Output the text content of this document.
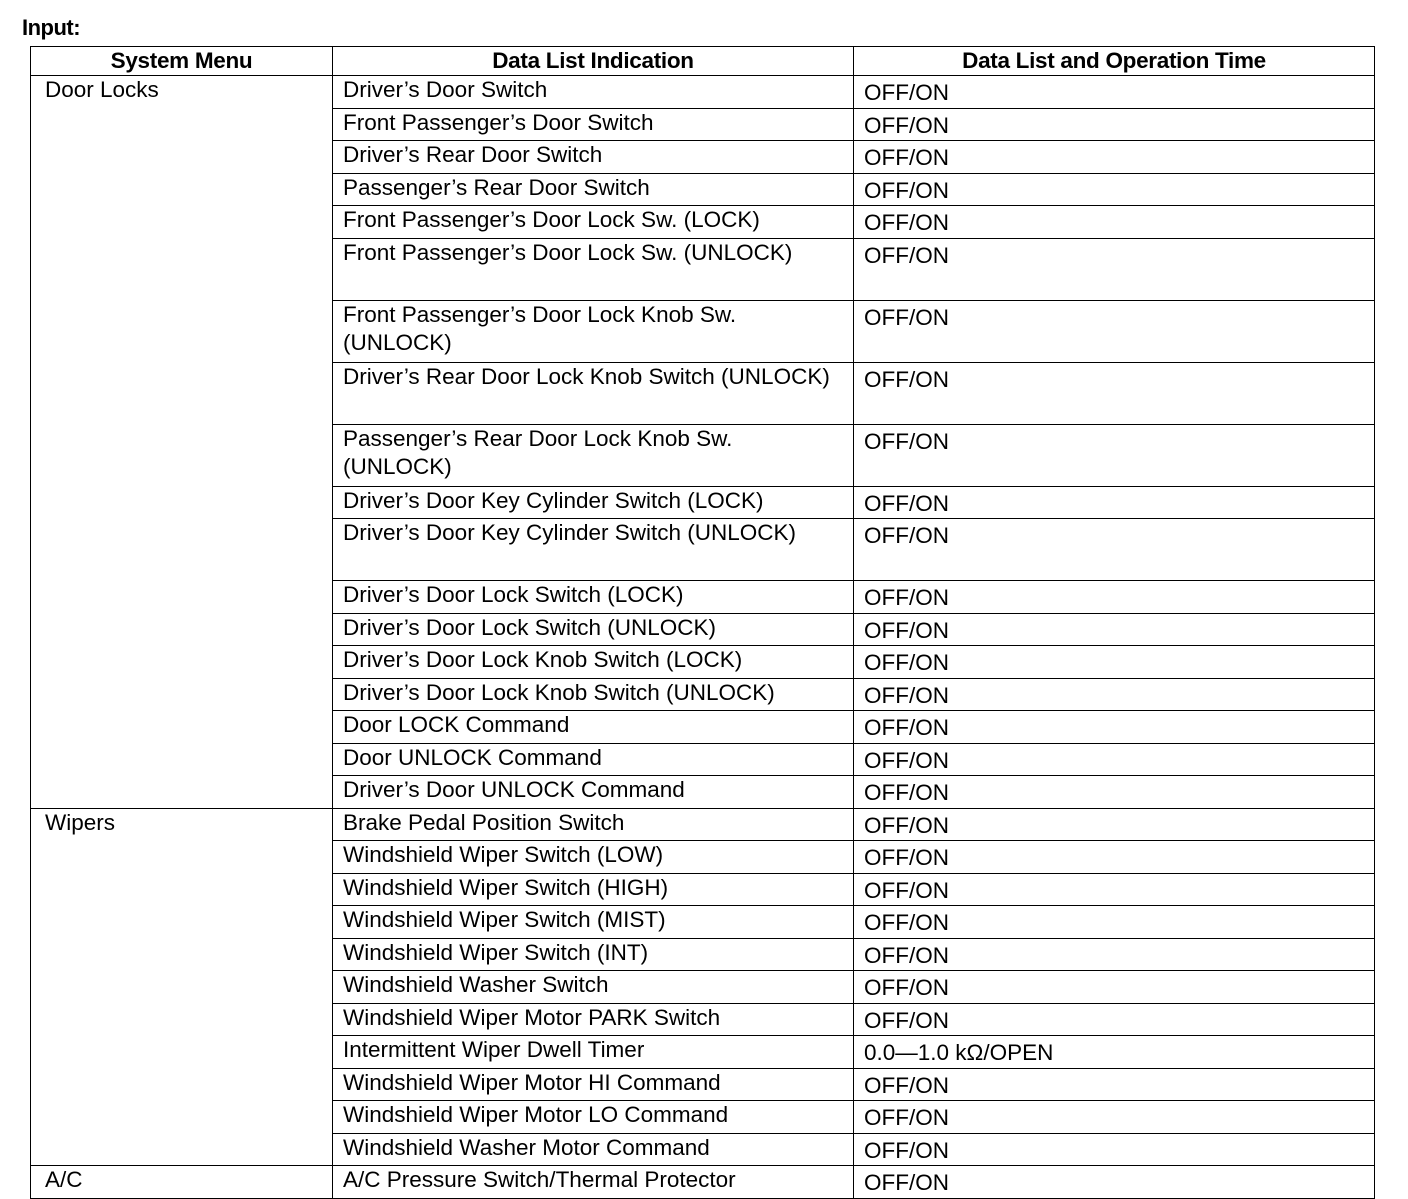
Input:
System Menu	Data List Indication	Data List and Operation Time
Door Locks	Driver’s Door Switch	OFF/ON
	Front Passenger’s Door Switch	OFF/ON
	Driver’s Rear Door Switch	OFF/ON
	Passenger’s Rear Door Switch	OFF/ON
	Front Passenger’s Door Lock Sw. (LOCK)	OFF/ON
	Front Passenger’s Door Lock Sw. (UNLOCK)	OFF/ON
	Front Passenger’s Door Lock Knob Sw. (UNLOCK)	OFF/ON
	Driver’s Rear Door Lock Knob Switch (UNLOCK)	OFF/ON
	Passenger’s Rear Door Lock Knob Sw. (UNLOCK)	OFF/ON
	Driver’s Door Key Cylinder Switch (LOCK)	OFF/ON
	Driver’s Door Key Cylinder Switch (UNLOCK)	OFF/ON
	Driver’s Door Lock Switch (LOCK)	OFF/ON
	Driver’s Door Lock Switch (UNLOCK)	OFF/ON
	Driver’s Door Lock Knob Switch (LOCK)	OFF/ON
	Driver’s Door Lock Knob Switch (UNLOCK)	OFF/ON
	Door LOCK Command	OFF/ON
	Door UNLOCK Command	OFF/ON
	Driver’s Door UNLOCK Command	OFF/ON
Wipers	Brake Pedal Position Switch	OFF/ON
	Windshield Wiper Switch (LOW)	OFF/ON
	Windshield Wiper Switch (HIGH)	OFF/ON
	Windshield Wiper Switch (MIST)	OFF/ON
	Windshield Wiper Switch (INT)	OFF/ON
	Windshield Washer Switch	OFF/ON
	Windshield Wiper Motor PARK Switch	OFF/ON
	Intermittent Wiper Dwell Timer	0.0—1.0 kΩ/OPEN
	Windshield Wiper Motor HI Command	OFF/ON
	Windshield Wiper Motor LO Command	OFF/ON
	Windshield Washer Motor Command	OFF/ON
A/C	A/C Pressure Switch/Thermal Protector	OFF/ON
